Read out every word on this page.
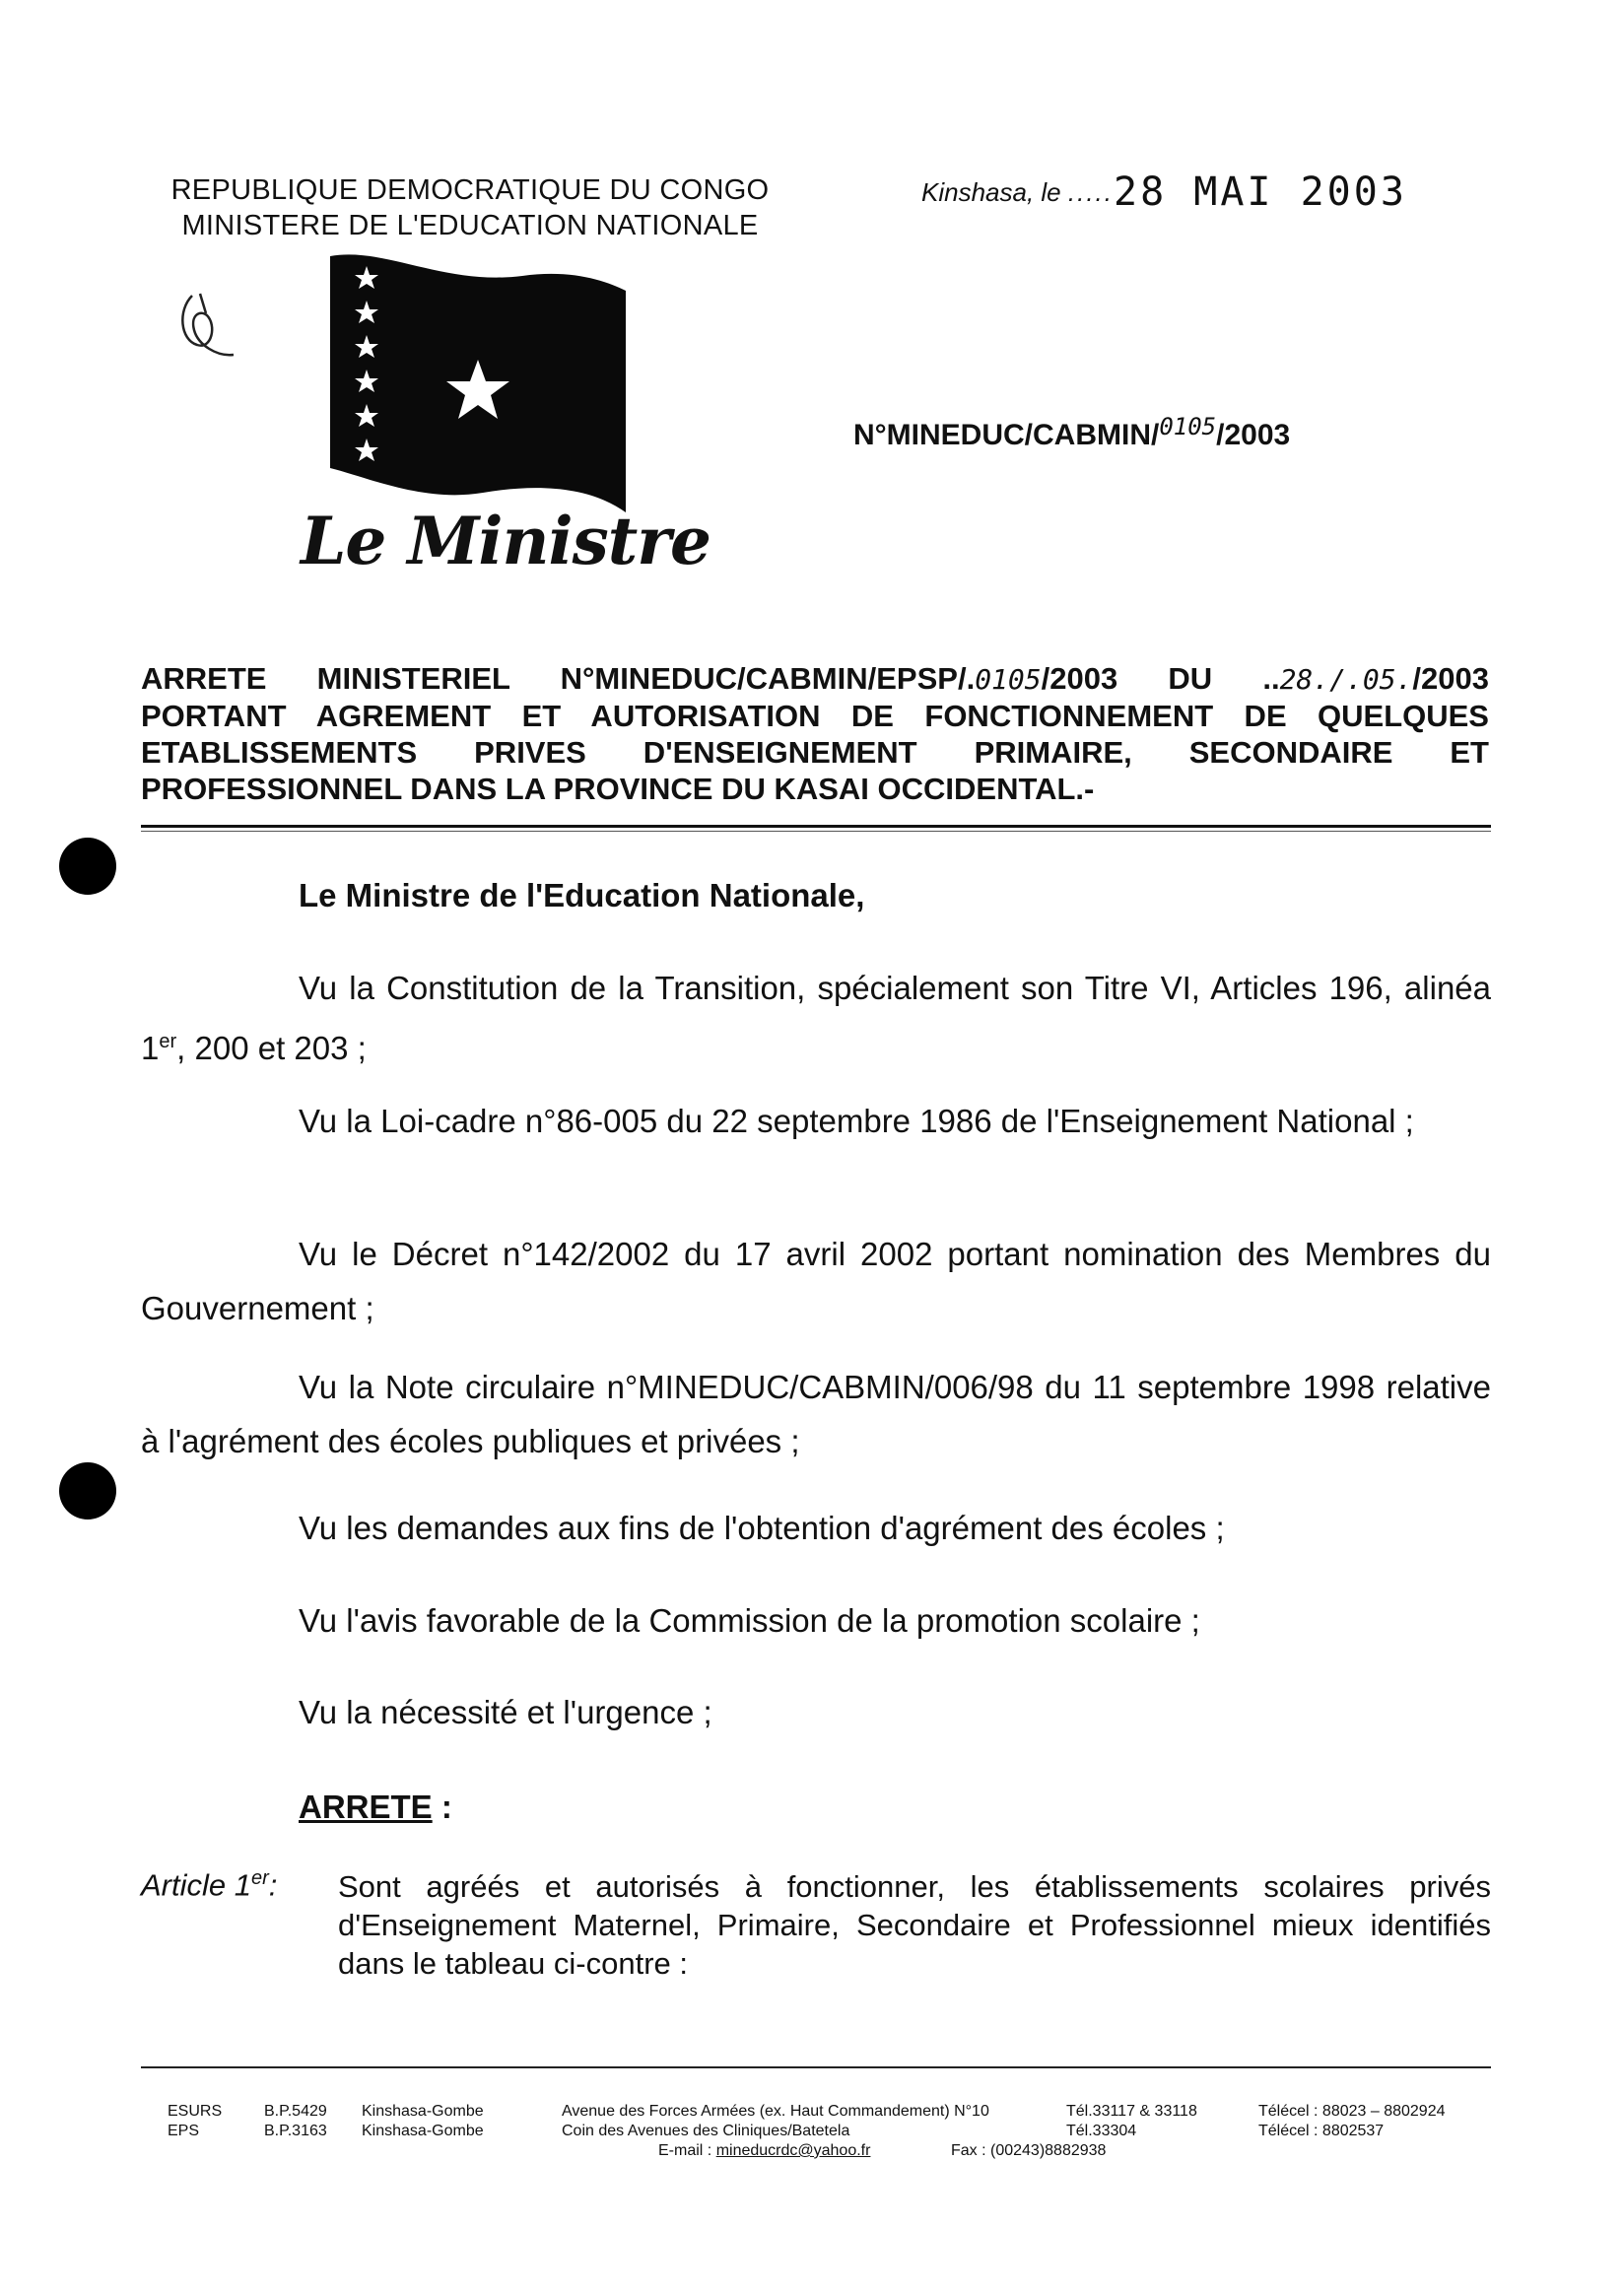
REPUBLIQUE DEMOCRATIQUE DU CONGO
MINISTERE DE L'EDUCATION NATIONALE
Kinshasa, le .....28 MAI 2003
Le Ministre
N°MINEDUC/CABMIN/$^{0105}$/2003
ARRETE MINISTERIEL N°MINEDUC/CABMIN/EPSP/.0105/2003 DU ..28./.05./2003
PORTANT AGREMENT ET AUTORISATION DE FONCTIONNEMENT DE QUELQUES
ETABLISSEMENTS PRIVES D'ENSEIGNEMENT PRIMAIRE, SECONDAIRE ET
PROFESSIONNEL DANS LA PROVINCE DU KASAI OCCIDENTAL.-
Le Ministre de l'Education Nationale,

Vu la Constitution de la Transition, spécialement son Titre VI, Articles 196, alinéa 1er, 200 et 203 ;

Vu la Loi-cadre n°86-005 du 22 septembre 1986 de l'Enseignement National ;

Vu le Décret n°142/2002 du 17 avril 2002 portant nomination des Membres du Gouvernement ;

Vu la Note circulaire n°MINEDUC/CABMIN/006/98 du 11 septembre 1998 relative à l'agrément des écoles publiques et privées ;

Vu les demandes aux fins de l'obtention d'agrément des écoles ;

Vu l'avis favorable de la Commission de la promotion scolaire ;

Vu la nécessité et l'urgence ;

ARRETE :
Article 1er: Sont agréés et autorisés à fonctionner, les établissements scolaires privés d'Enseignement Maternel, Primaire, Secondaire et Professionnel mieux identifiés dans le tableau ci-contre :
ESURS	B.P.5429 Kinshasa-Gombe	Avenue des Forces Armées (ex. Haut Commandement) N°10	Tél.33117 & 33118	Télécel : 88023 – 8802924
EPS	B.P.3163 Kinshasa-Gombe	Coin des Avenues des Cliniques/Batetela	Tél.33304	Télécel : 8802537
E-mail : mineducrdc@yahoo.fr	Fax : (00243)8882938
